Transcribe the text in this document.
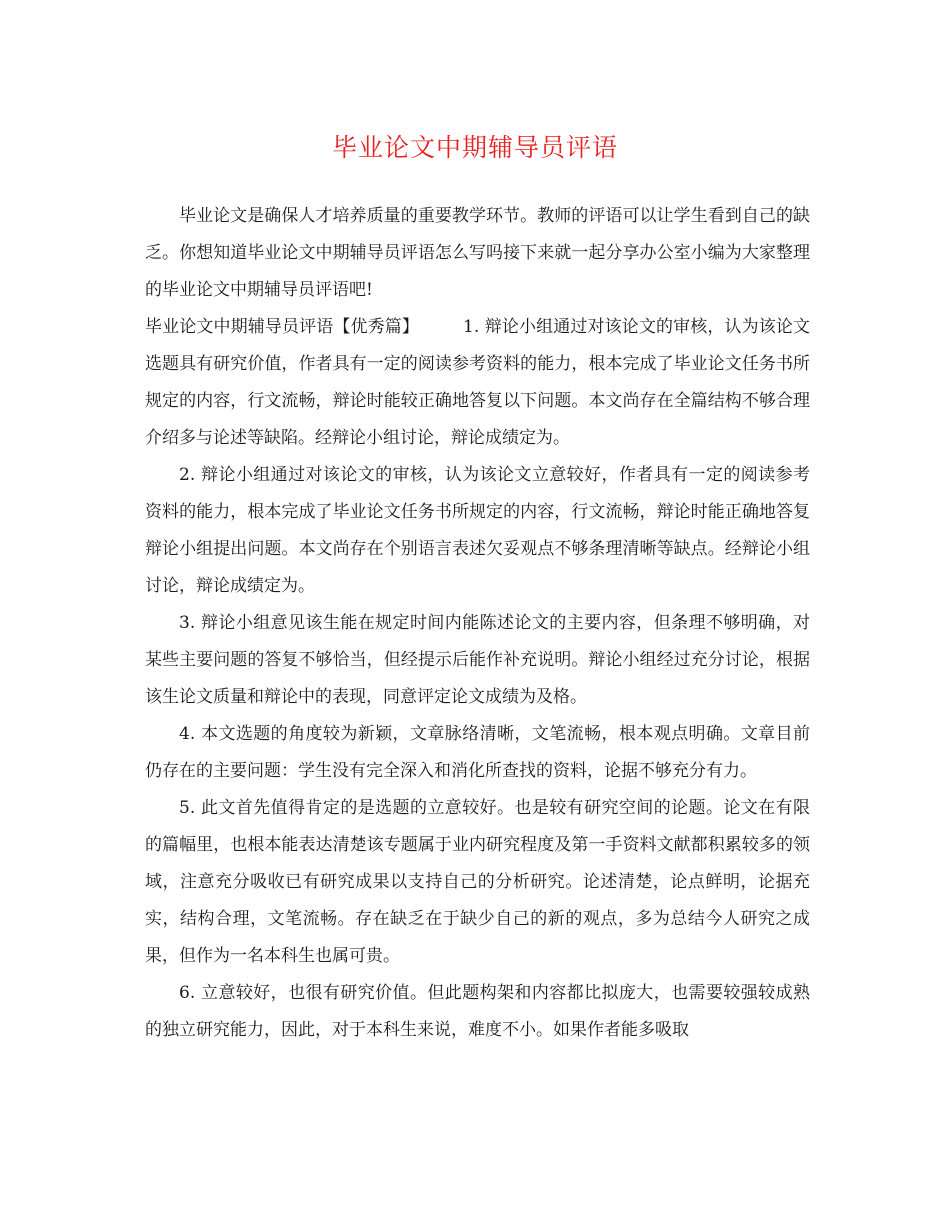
毕业论文中期辅导员评语

毕业论文是确保人才培养质量的重要教学环节。教师的评语可以让学生看到自己的缺乏。你想知道毕业论文中期辅导员评语怎么写吗接下来就一起分享办公室小编为大家整理的毕业论文中期辅导员评语吧!

毕业论文中期辅导员评语【优秀篇】	1. 辩论小组通过对该论文的审核，认为该论文选题具有研究价值，作者具有一定的阅读参考资料的能力，根本完成了毕业论文任务书所规定的内容，行文流畅，辩论时能较正确地答复以下问题。本文尚存在全篇结构不够合理介绍多与论述等缺陷。经辩论小组讨论，辩论成绩定为。

2. 辩论小组通过对该论文的审核，认为该论文立意较好，作者具有一定的阅读参考资料的能力，根本完成了毕业论文任务书所规定的内容，行文流畅，辩论时能正确地答复辩论小组提出问题。本文尚存在个别语言表述欠妥观点不够条理清晰等缺点。经辩论小组讨论，辩论成绩定为。

3. 辩论小组意见该生能在规定时间内能陈述论文的主要内容，但条理不够明确，对某些主要问题的答复不够恰当，但经提示后能作补充说明。辩论小组经过充分讨论，根据该生论文质量和辩论中的表现，同意评定论文成绩为及格。

4. 本文选题的角度较为新颖，文章脉络清晰，文笔流畅，根本观点明确。文章目前仍存在的主要问题：学生没有完全深入和消化所查找的资料，论据不够充分有力。

5. 此文首先值得肯定的是选题的立意较好。也是较有研究空间的论题。论文在有限的篇幅里，也根本能表达清楚该专题属于业内研究程度及第一手资料文献都积累较多的领域，注意充分吸收已有研究成果以支持自己的分析研究。论述清楚，论点鲜明，论据充实，结构合理，文笔流畅。存在缺乏在于缺少自己的新的观点，多为总结今人研究之成果，但作为一名本科生也属可贵。

6. 立意较好，也很有研究价值。但此题构架和内容都比拟庞大，也需要较强较成熟的独立研究能力，因此，对于本科生来说，难度不小。如果作者能多吸取
